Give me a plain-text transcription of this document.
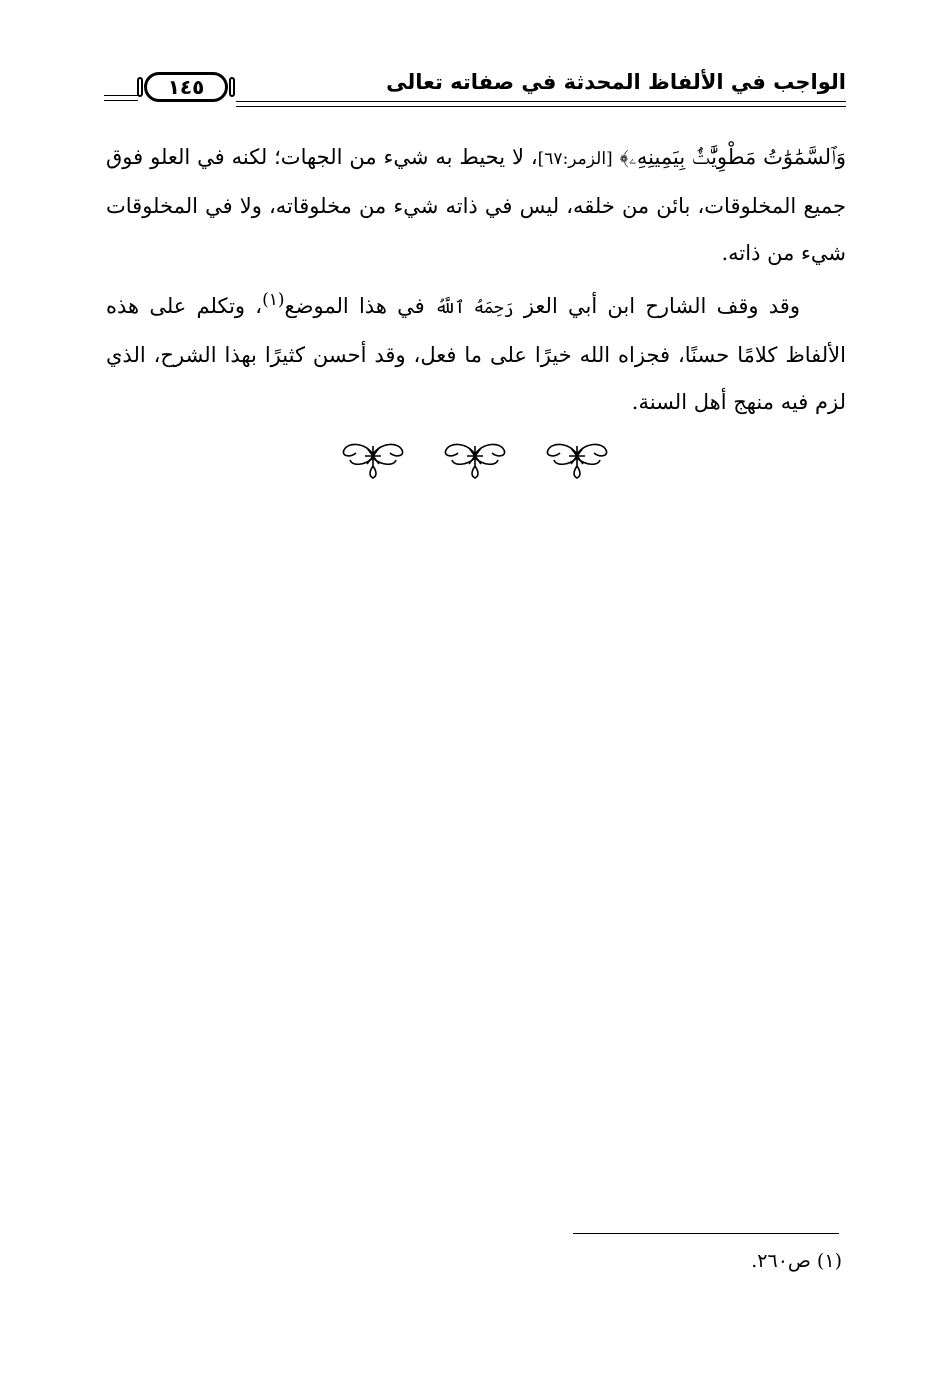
١٤٥	الواجب في الألفاظ المحدثة في صفاته تعالى

وَٱلسَّمَٰوَٰتُ مَطْوِيَّٰتٌۢ بِيَمِينِهِۦ﴾ [الزمر:٦٧]، لا يحيط به شيء من الجهات؛ لكنه في العلو فوق جميع المخلوقات، بائن من خلقه، ليس في ذاته شيء من مخلوقاته، ولا في المخلوقات شيء من ذاته.

وقد وقف الشارح ابن أبي العز رَحِمَهُ ٱللَّهُ في هذا الموضع$^{(١)}$، وتكلم على هذه الألفاظ كلامًا حسنًا، فجزاه الله خيرًا على ما فعل، وقد أحسن كثيرًا بهذا الشرح، الذي لزم فيه منهج أهل السنة.

(١) ص٢٦٠.
